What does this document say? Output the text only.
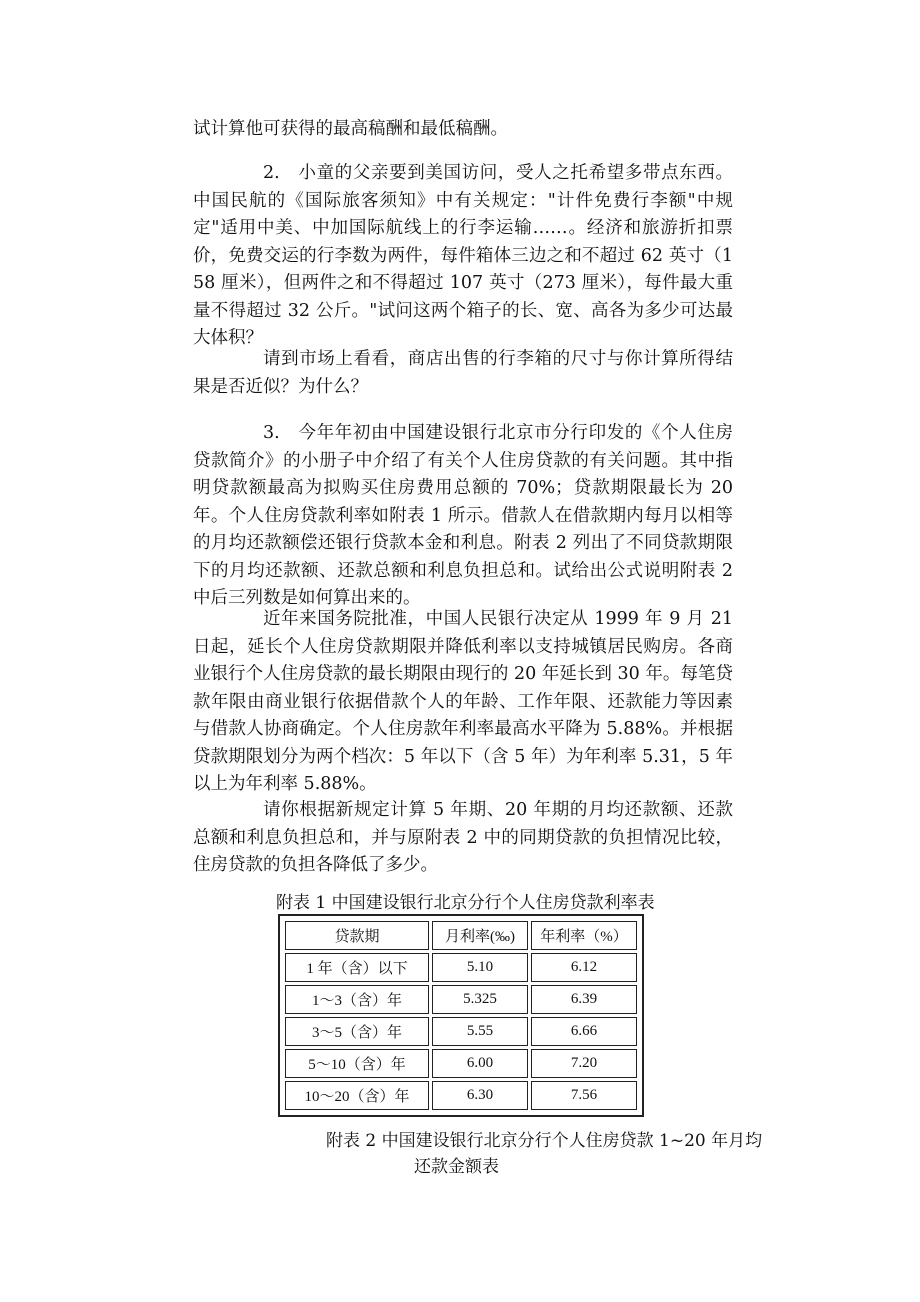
试计算他可获得的最高稿酬和最低稿酬。

2.　小童的父亲要到美国访问，受人之托希望多带点东西。中国民航的《国际旅客须知》中有关规定："计件免费行李额"中规定"适用中美、中加国际航线上的行李运输……。经济和旅游折扣票价，免费交运的行李数为两件，每件箱体三边之和不超过 62 英寸（158 厘米），但两件之和不得超过 107 英寸（273 厘米），每件最大重量不得超过 32 公斤。"试问这两个箱子的长、宽、高各为多少可达最大体积？

请到市场上看看，商店出售的行李箱的尺寸与你计算所得结果是否近似？为什么？

3.　今年年初由中国建设银行北京市分行印发的《个人住房贷款简介》的小册子中介绍了有关个人住房贷款的有关问题。其中指明贷款额最高为拟购买住房费用总额的 70%；贷款期限最长为 20 年。个人住房贷款利率如附表 1 所示。借款人在借款期内每月以相等的月均还款额偿还银行贷款本金和利息。附表 2 列出了不同贷款期限下的月均还款额、还款总额和利息负担总和。试给出公式说明附表 2 中后三列数是如何算出来的。

近年来国务院批准，中国人民银行决定从 1999 年 9 月 21 日起，延长个人住房贷款期限并降低利率以支持城镇居民购房。各商业银行个人住房贷款的最长期限由现行的 20 年延长到 30 年。每笔贷款年限由商业银行依据借款个人的年龄、工作年限、还款能力等因素与借款人协商确定。个人住房款年利率最高水平降为 5.88%。并根据贷款期限划分为两个档次：5 年以下（含 5 年）为年利率 5.31，5 年以上为年利率 5.88%。

请你根据新规定计算 5 年期、20 年期的月均还款额、还款总额和利息负担总和，并与原附表 2 中的同期贷款的负担情况比较，住房贷款的负担各降低了多少。

附表 1 中国建设银行北京分行个人住房贷款利率表

贷款期	月利率(‰)	年利率（%）
1 年（含）以下	5.10	6.12
1～3（含）年	5.325	6.39
3～5（含）年	5.55	6.66
5～10（含）年	6.00	7.20
10～20（含）年	6.30	7.56

附表 2 中国建设银行北京分行个人住房贷款 1~20 年月均

还款金额表
